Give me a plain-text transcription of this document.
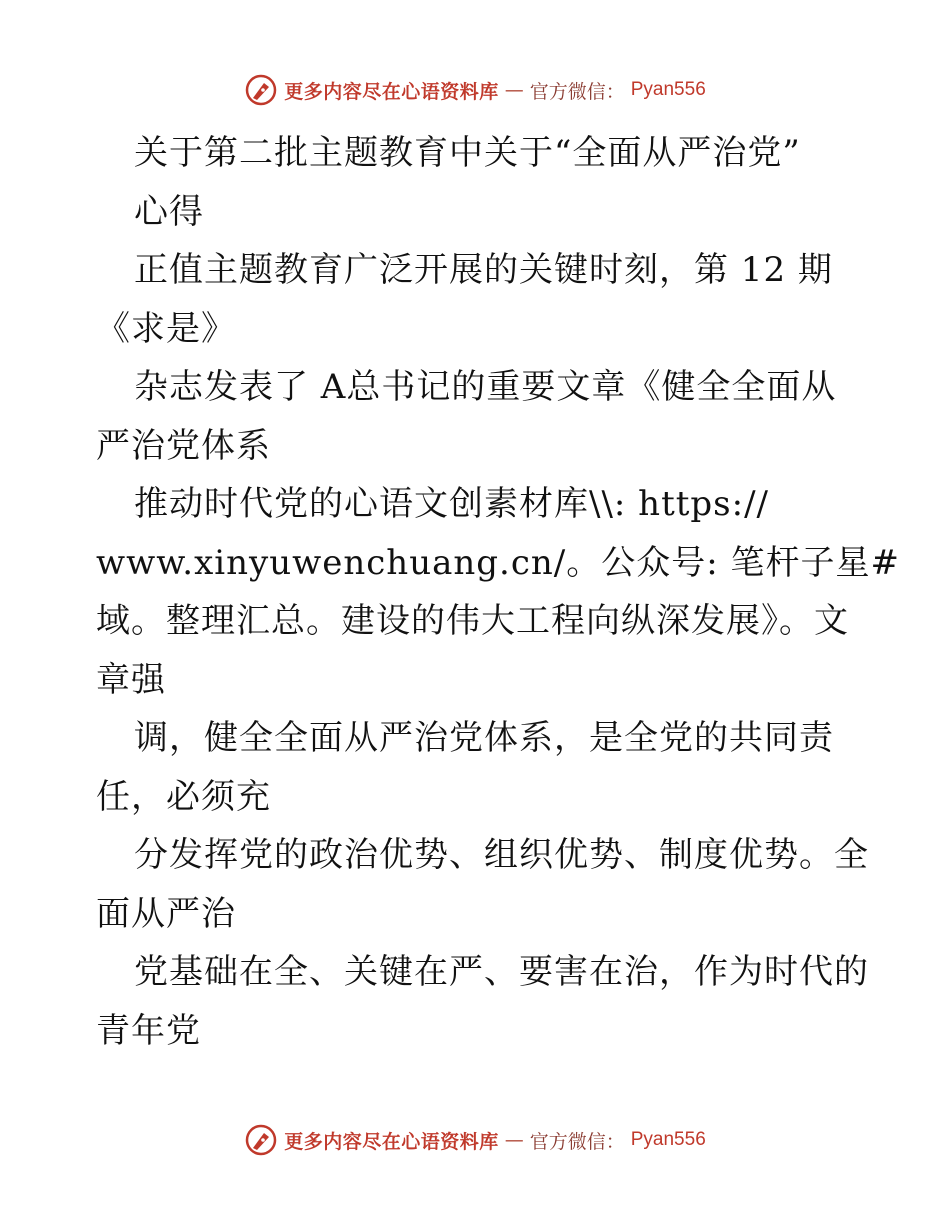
更多内容尽在心语资料库 — 官方微信： Pyan556
关于第二批主题教育中关于“全面从严治党”
心得
正值主题教育广泛开展的关键时刻，第 12 期
《求是》
杂志发表了 A总书记的重要文章《健全全面从
严治党体系
推动时代党的心语文创素材库\\: https://
www.xinyuwenchuang.cn/。公众号: 笔杆子星#
域。整理汇总。建设的伟大工程向纵深发展》。文
章强
调，健全全面从严治党体系，是全党的共同责
任，必须充
分发挥党的政治优势、组织优势、制度优势。全
面从严治
党基础在全、关键在严、要害在治，作为时代的
青年党
更多内容尽在心语资料库 — 官方微信： Pyan556
